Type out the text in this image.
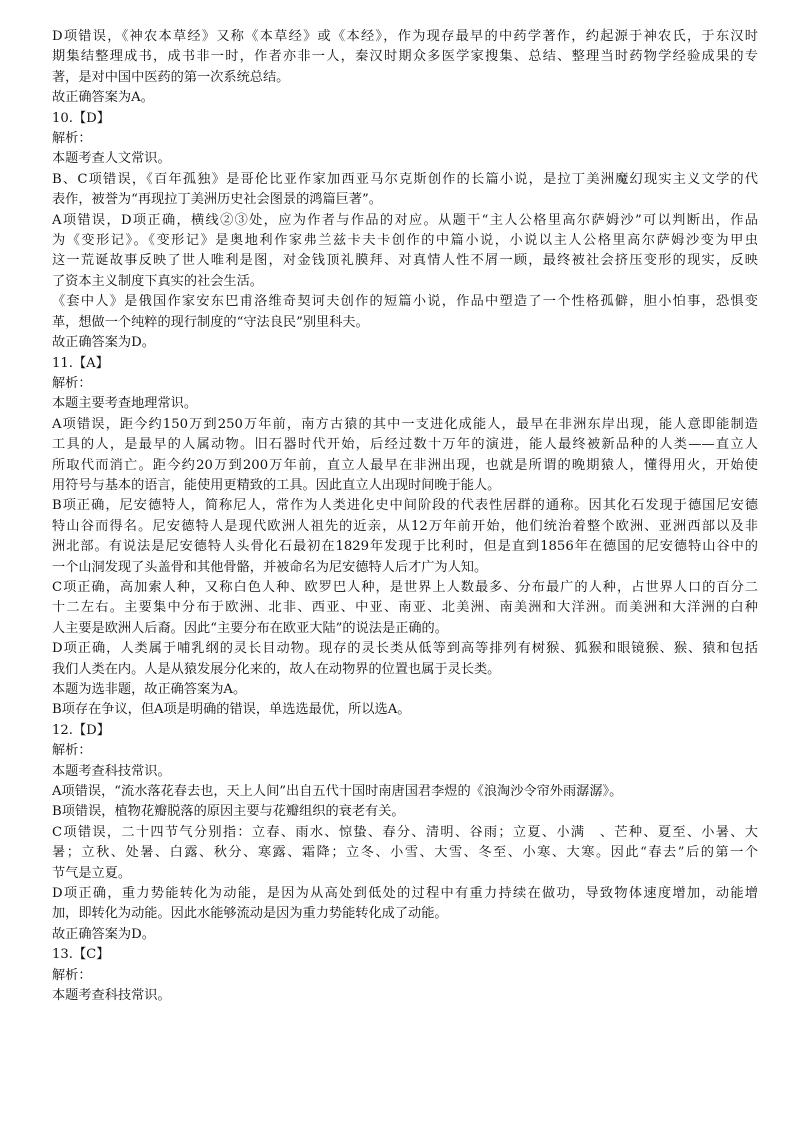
D项错误，《神农本草经》又称《本草经》或《本经》，作为现存最早的中药学著作，约起源于神农氏，于东汉时
期集结整理成书，成书非一时，作者亦非一人，秦汉时期众多医学家搜集、总结、整理当时药物学经验成果的专
著，是对中国中医药的第一次系统总结。
故正确答案为A。
10.【D】
解析：
本题考查人文常识。
B、C项错误，《百年孤独》是哥伦比亚作家加西亚马尔克斯创作的长篇小说，是拉丁美洲魔幻现实主义文学的代
表作，被誉为“再现拉丁美洲历史社会图景的鸿篇巨著”。
A项错误，D项正确，横线②③处，应为作者与作品的对应。从题干“主人公格里高尔萨姆沙”可以判断出，作品
为《变形记》。《变形记》是奥地利作家弗兰兹卡夫卡创作的中篇小说，小说以主人公格里高尔萨姆沙变为甲虫
这一荒诞故事反映了世人唯利是图，对金钱顶礼膜拜、对真情人性不屑一顾，最终被社会挤压变形的现实，反映
了资本主义制度下真实的社会生活。
《套中人》是俄国作家安东巴甫洛维奇契诃夫创作的短篇小说，作品中塑造了一个性格孤僻，胆小怕事，恐惧变
革，想做一个纯粹的现行制度的“守法良民”别里科夫。
故正确答案为D。
11.【A】
解析：
本题主要考查地理常识。
A项错误，距今约150万到250万年前，南方古猿的其中一支进化成能人，最早在非洲东岸出现，能人意即能制造
工具的人，是最早的人属动物。旧石器时代开始，后经过数十万年的演进，能人最终被新品种的人类——直立人
所取代而消亡。距今约20万到200万年前，直立人最早在非洲出现，也就是所谓的晚期猿人，懂得用火，开始使
用符号与基本的语言，能使用更精致的工具。因此直立人出现时间晚于能人。
B项正确，尼安德特人，简称尼人，常作为人类进化史中间阶段的代表性居群的通称。因其化石发现于德国尼安德
特山谷而得名。尼安德特人是现代欧洲人祖先的近亲，从12万年前开始，他们统治着整个欧洲、亚洲西部以及非
洲北部。有说法是尼安德特人头骨化石最初在1829年发现于比利时，但是直到1856年在德国的尼安德特山谷中的
一个山洞发现了头盖骨和其他骨骼，并被命名为尼安德特人后才广为人知。
C项正确，高加索人种，又称白色人种、欧罗巴人种，是世界上人数最多、分布最广的人种，占世界人口的百分二
十二左右。主要集中分布于欧洲、北非、西亚、中亚、南亚、北美洲、南美洲和大洋洲。而美洲和大洋洲的白种
人主要是欧洲人后裔。因此“主要分布在欧亚大陆”的说法是正确的。
D项正确，人类属于哺乳纲的灵长目动物。现存的灵长类从低等到高等排列有树猴、狐猴和眼镜猴、猴、猿和包括
我们人类在内。人是从猿发展分化来的，故人在动物界的位置也属于灵长类。
本题为选非题，故正确答案为A。
B项存在争议，但A项是明确的错误，单选选最优，所以选A。
12.【D】
解析：
本题考查科技常识。
A项错误，“流水落花春去也，天上人间”出自五代十国时南唐国君李煜的《浪淘沙令帘外雨潺潺》。
B项错误，植物花瓣脱落的原因主要与花瓣组织的衰老有关。
C项错误，二十四节气分别指：立春、雨水、惊蛰、春分、清明、谷雨；立夏、小满　、芒种、夏至、小暑、大
暑；立秋、处暑、白露、秋分、寒露、霜降；立冬、小雪、大雪、冬至、小寒、大寒。因此“春去”后的第一个
节气是立夏。
D项正确，重力势能转化为动能，是因为从高处到低处的过程中有重力持续在做功，导致物体速度增加，动能增
加，即转化为动能。因此水能够流动是因为重力势能转化成了动能。
故正确答案为D。
13.【C】
解析：
本题考查科技常识。
